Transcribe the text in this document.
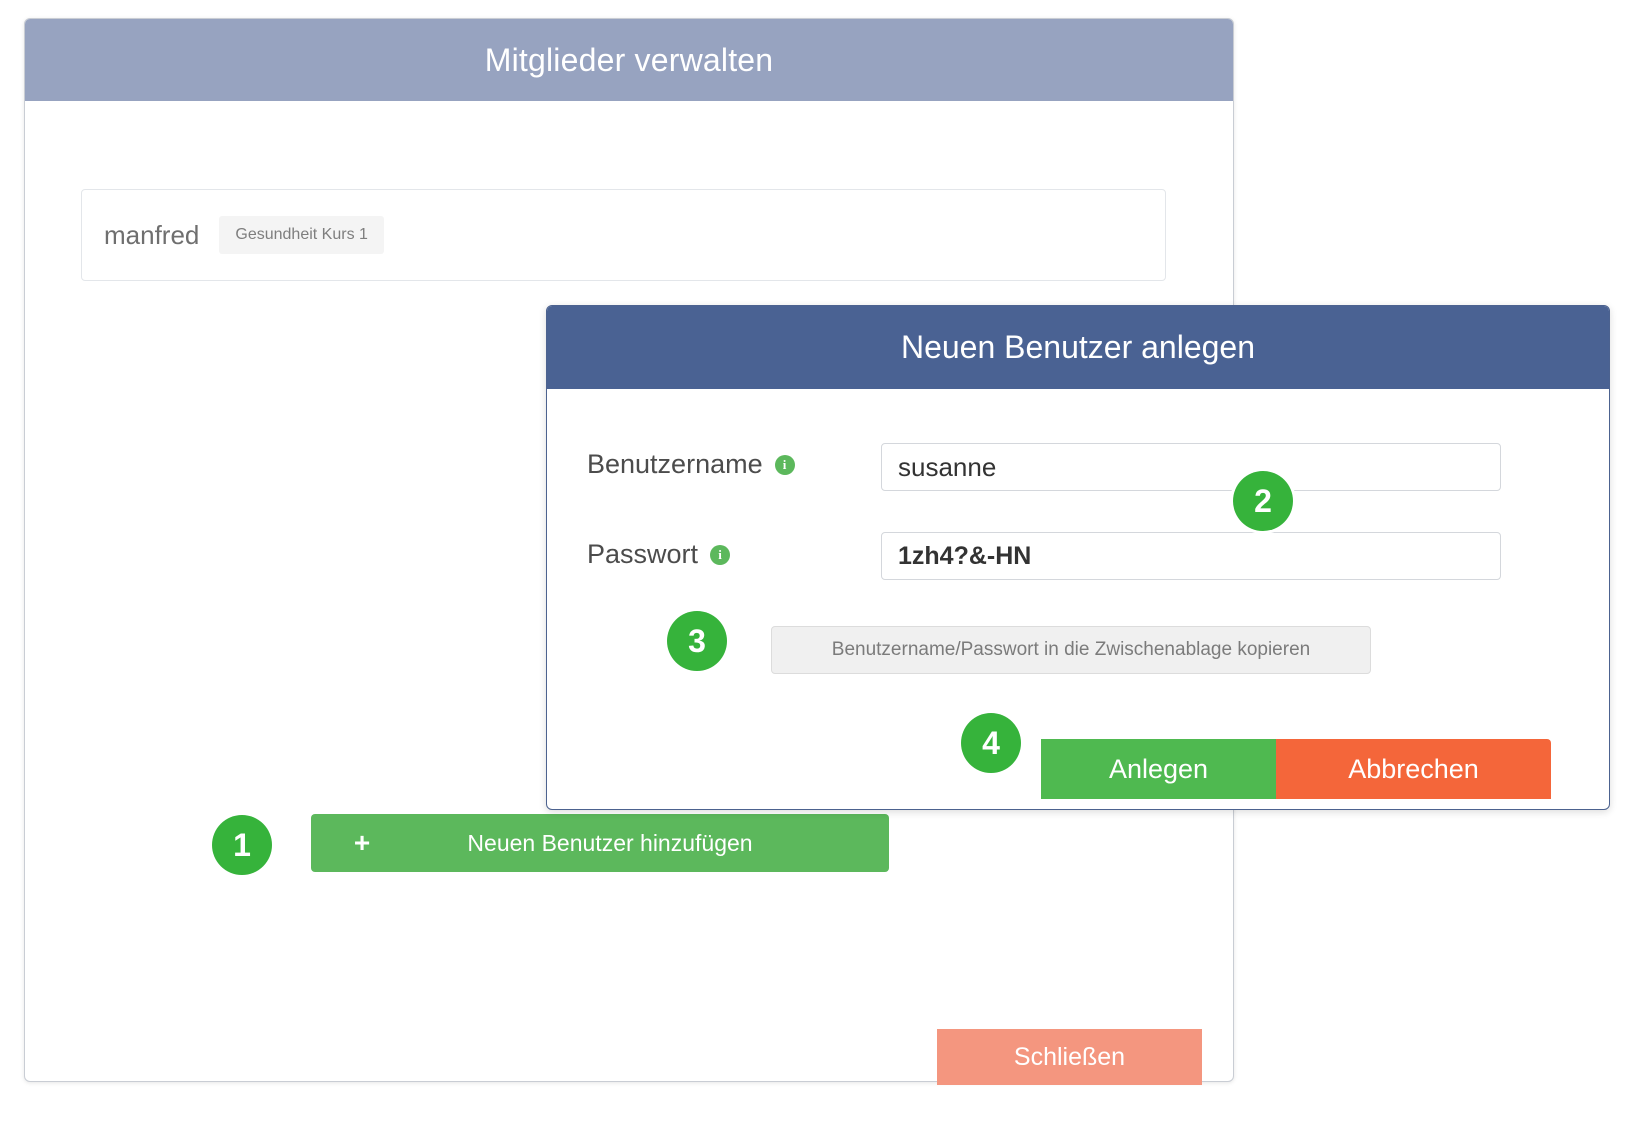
Mitglieder verwalten
manfred	Gesundheit Kurs 1
+	Neuen Benutzer hinzufügen
Schließen
1
Neuen Benutzer anlegen
Benutzername	i
susanne
Passwort	i
1zh4?&-HN
Benutzername/Passwort in die Zwischenablage kopieren
Anlegen	Abbrechen
2
3
4
